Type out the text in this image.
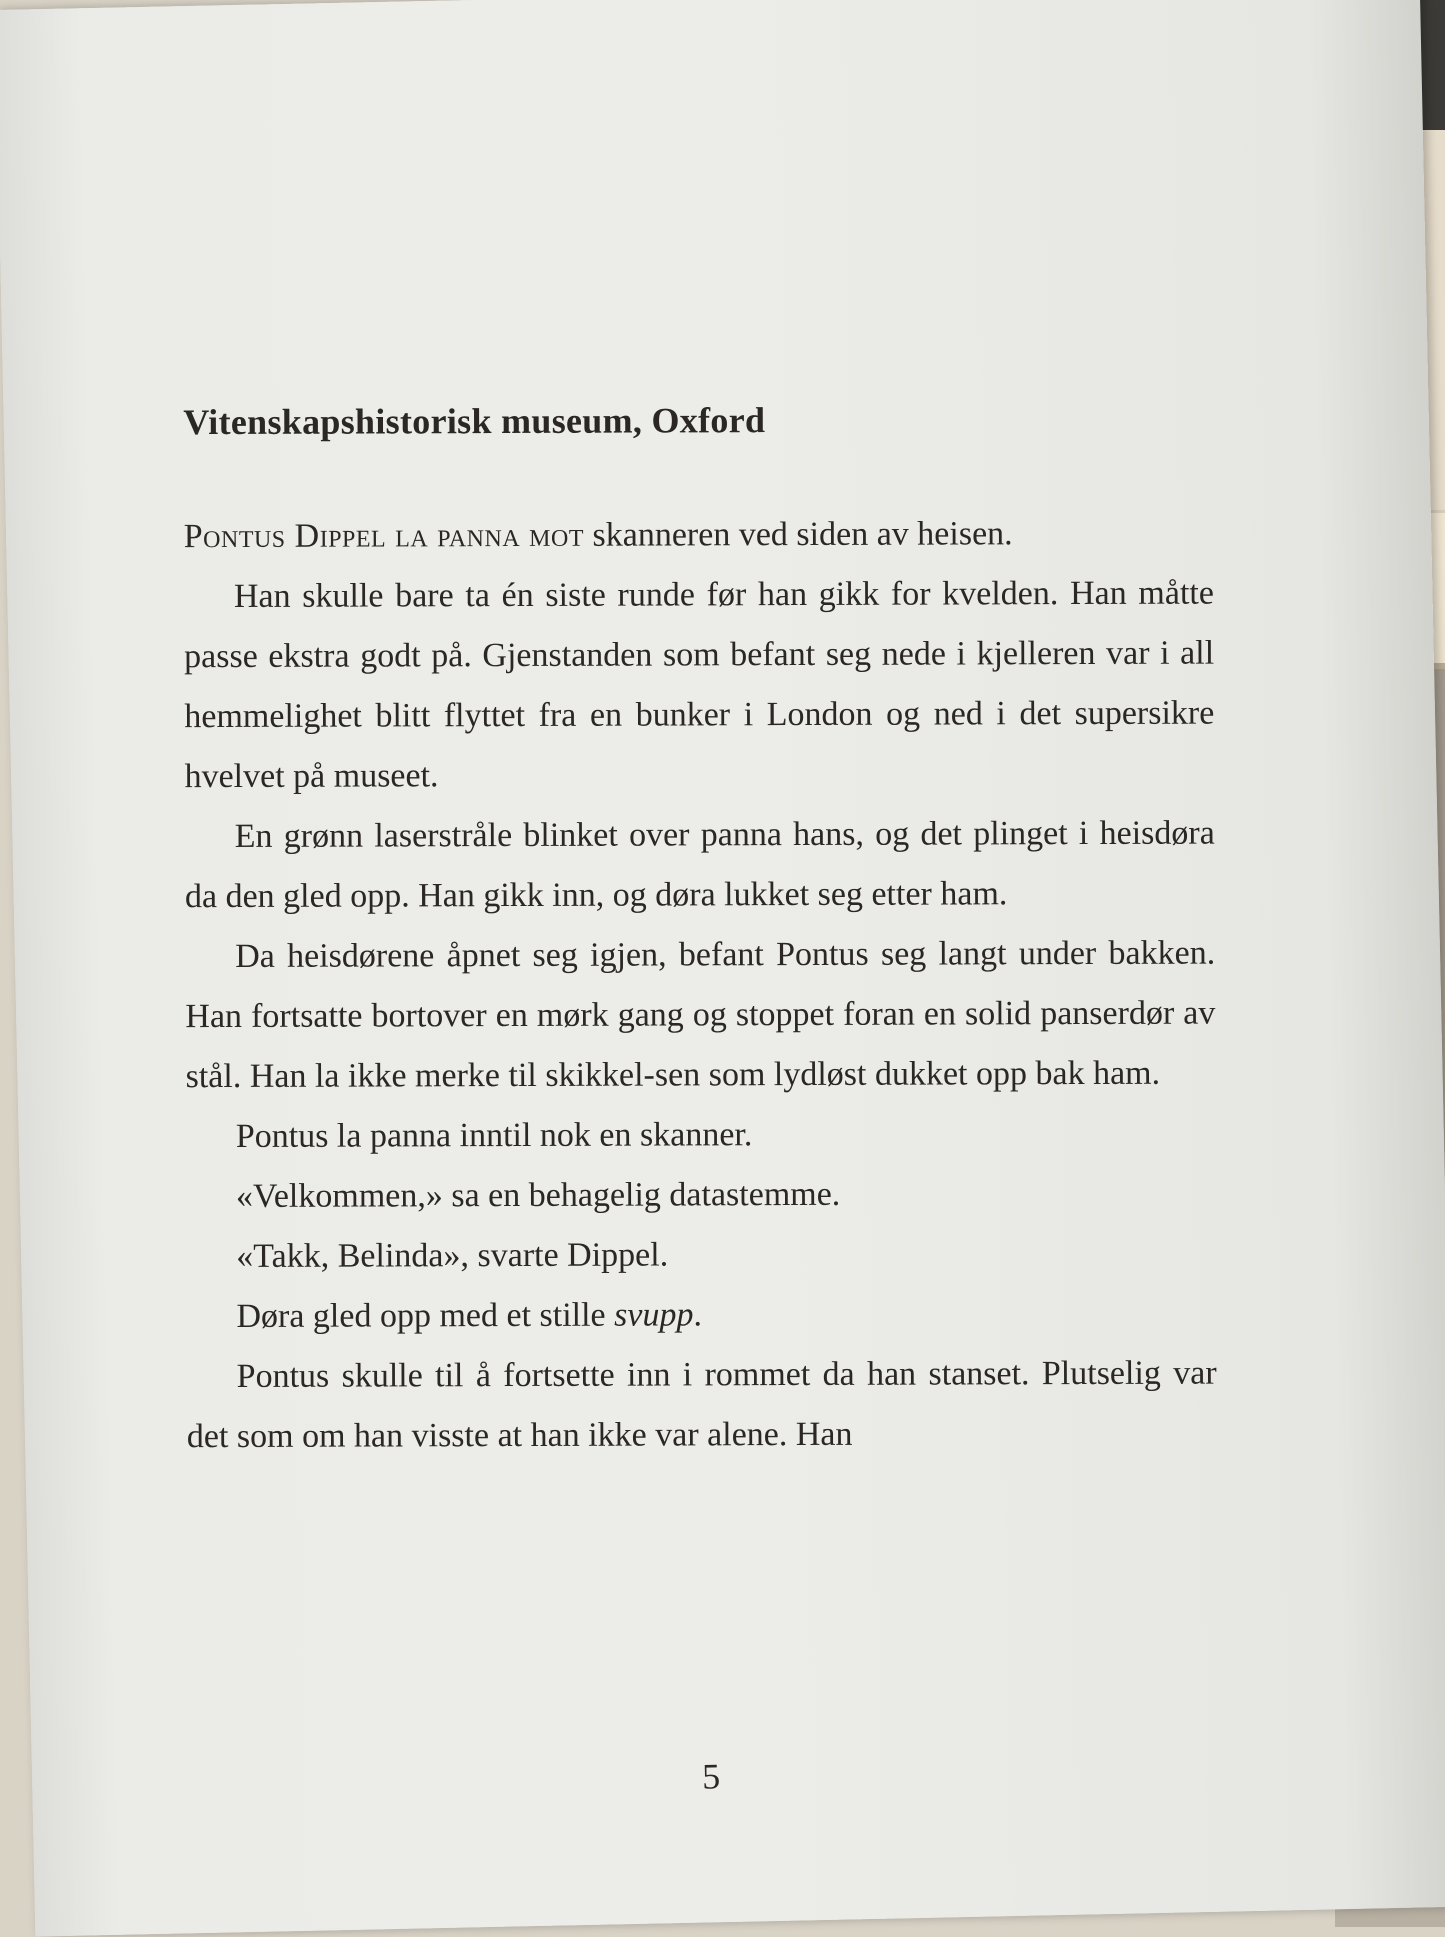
Vitenskapshistorisk museum, Oxford

Pontus Dippel la panna mot skanneren ved siden av heisen.

Han skulle bare ta én siste runde før han gikk for kvelden. Han måtte passe ekstra godt på. Gjenstanden som befant seg nede i kjelleren var i all hemmelighet blitt flyttet fra en bunker i London og ned i det supersikre hvelvet på museet.

En grønn laserstråle blinket over panna hans, og det plinget i heisdøra da den gled opp. Han gikk inn, og døra lukket seg etter ham.

Da heisdørene åpnet seg igjen, befant Pontus seg langt under bakken. Han fortsatte bortover en mørk gang og stoppet foran en solid panserdør av stål. Han la ikke merke til skikkel-sen som lydløst dukket opp bak ham.

Pontus la panna inntil nok en skanner.

«Velkommen,» sa en behagelig datastemme.

«Takk, Belinda», svarte Dippel.

Døra gled opp med et stille svupp.

Pontus skulle til å fortsette inn i rommet da han stanset. Plutselig var det som om han visste at han ikke var alene. Han

5
